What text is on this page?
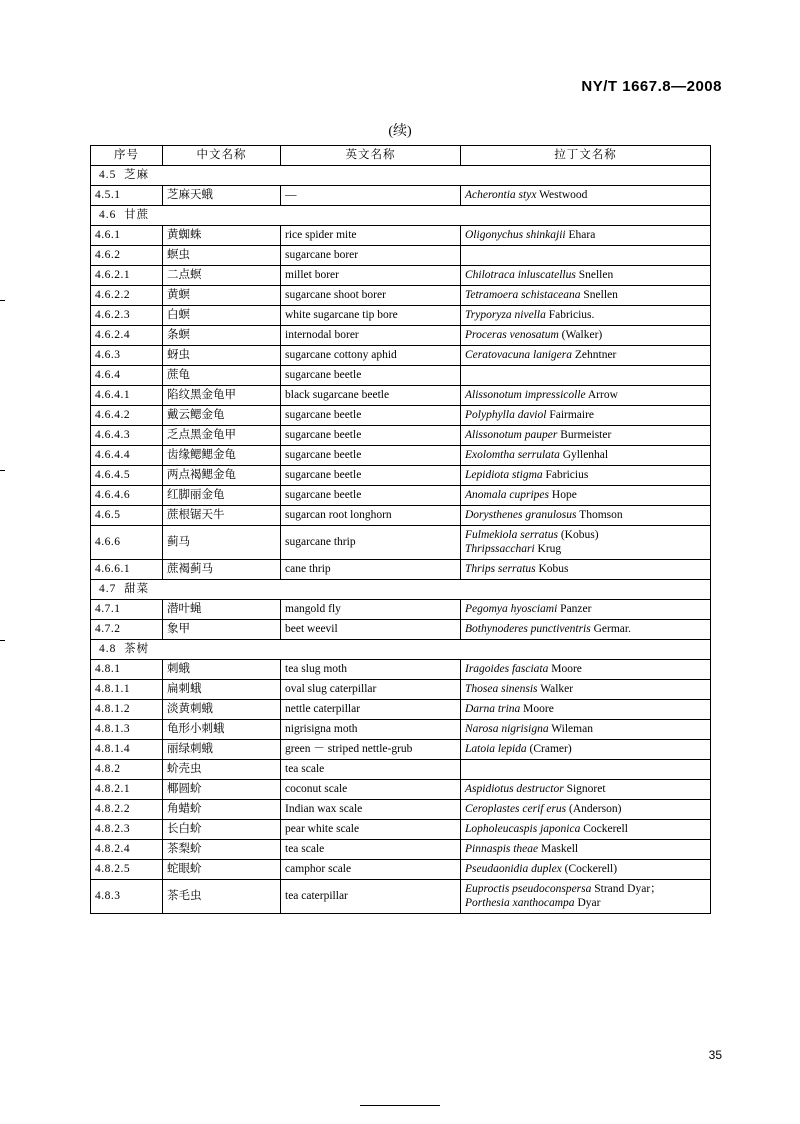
NY/T 1667.8—2008
(续)
序号	中文名称	英文名称	拉丁文名称
4.5  芝麻			
4.5.1	芝麻天蛾	—	Acherontia styx Westwood
4.6  甘蔗			
4.6.1	黄蜘蛛	rice spider mite	Oligonychus shinkajii Ehara
4.6.2	螟虫	sugarcane borer	
4.6.2.1	二点螟	millet borer	Chilotraca inluscatellus Snellen
4.6.2.2	黄螟	sugarcane shoot borer	Tetramoera schistaceana Snellen
4.6.2.3	白螟	white sugarcane tip bore	Tryporyza nivella Fabricius.
4.6.2.4	条螟	internodal borer	Proceras venosatum (Walker)
4.6.3	蚜虫	sugarcane cottony aphid	Ceratovacuna lanigera Zehntner
4.6.4	蔗龟	sugarcane beetle	
4.6.4.1	陷纹黑金龟甲	black sugarcane beetle	Alissonotum impressicolle Arrow
4.6.4.2	戴云鳃金龟	sugarcane beetle	Polyphylla daviol Fairmaire
4.6.4.3	乏点黑金龟甲	sugarcane beetle	Alissonotum pauper Burmeister
4.6.4.4	齿缘鳃鳃金龟	sugarcane beetle	Exolomtha serrulata Gyllenhal
4.6.4.5	两点褐鳃金龟	sugarcane beetle	Lepidiota stigma Fabricius
4.6.4.6	红脚丽金龟	sugarcane beetle	Anomala cupripes Hope
4.6.5	蔗根锯天牛	sugarcan root longhorn	Dorysthenes granulosus Thomson
4.6.6	蓟马	sugarcane thrip	Fulmekiola serratus (Kobus)
Thripssacchari Krug

4.6.6.1	蔗褐蓟马	cane thrip	Thrips serratus Kobus
4.7  甜菜			
4.7.1	潜叶蝇	mangold fly	Pegomya hyosciami Panzer
4.7.2	象甲	beet weevil	Bothynoderes punctiventris Germar.
4.8  茶树			
4.8.1	刺蛾	tea slug moth	Iragoides fasciata Moore
4.8.1.1	扁刺蛾	oval slug caterpillar	Thosea sinensis Walker
4.8.1.2	淡黄刺蛾	nettle caterpillar	Darna trina Moore
4.8.1.3	龟形小刺蛾	nigrisigna moth	Narosa nigrisigna Wileman
4.8.1.4	丽绿刺蛾	green － striped nettle-grub	Latoia lepida (Cramer)
4.8.2	蚧壳虫	tea scale	
4.8.2.1	椰圆蚧	coconut scale	Aspidiotus destructor Signoret
4.8.2.2	角蜡蚧	Indian wax scale	Ceroplastes cerif erus (Anderson)
4.8.2.3	长白蚧	pear white scale	Lopholeucaspis japonica Cockerell
4.8.2.4	茶梨蚧	tea scale	Pinnaspis theae Maskell
4.8.2.5	蛇眼蚧	camphor scale	Pseudaonidia duplex (Cockerell)
4.8.3	茶毛虫	tea caterpillar	Euproctis pseudoconspersa Strand Dyar；
Porthesia xanthocampa Dyar
35
